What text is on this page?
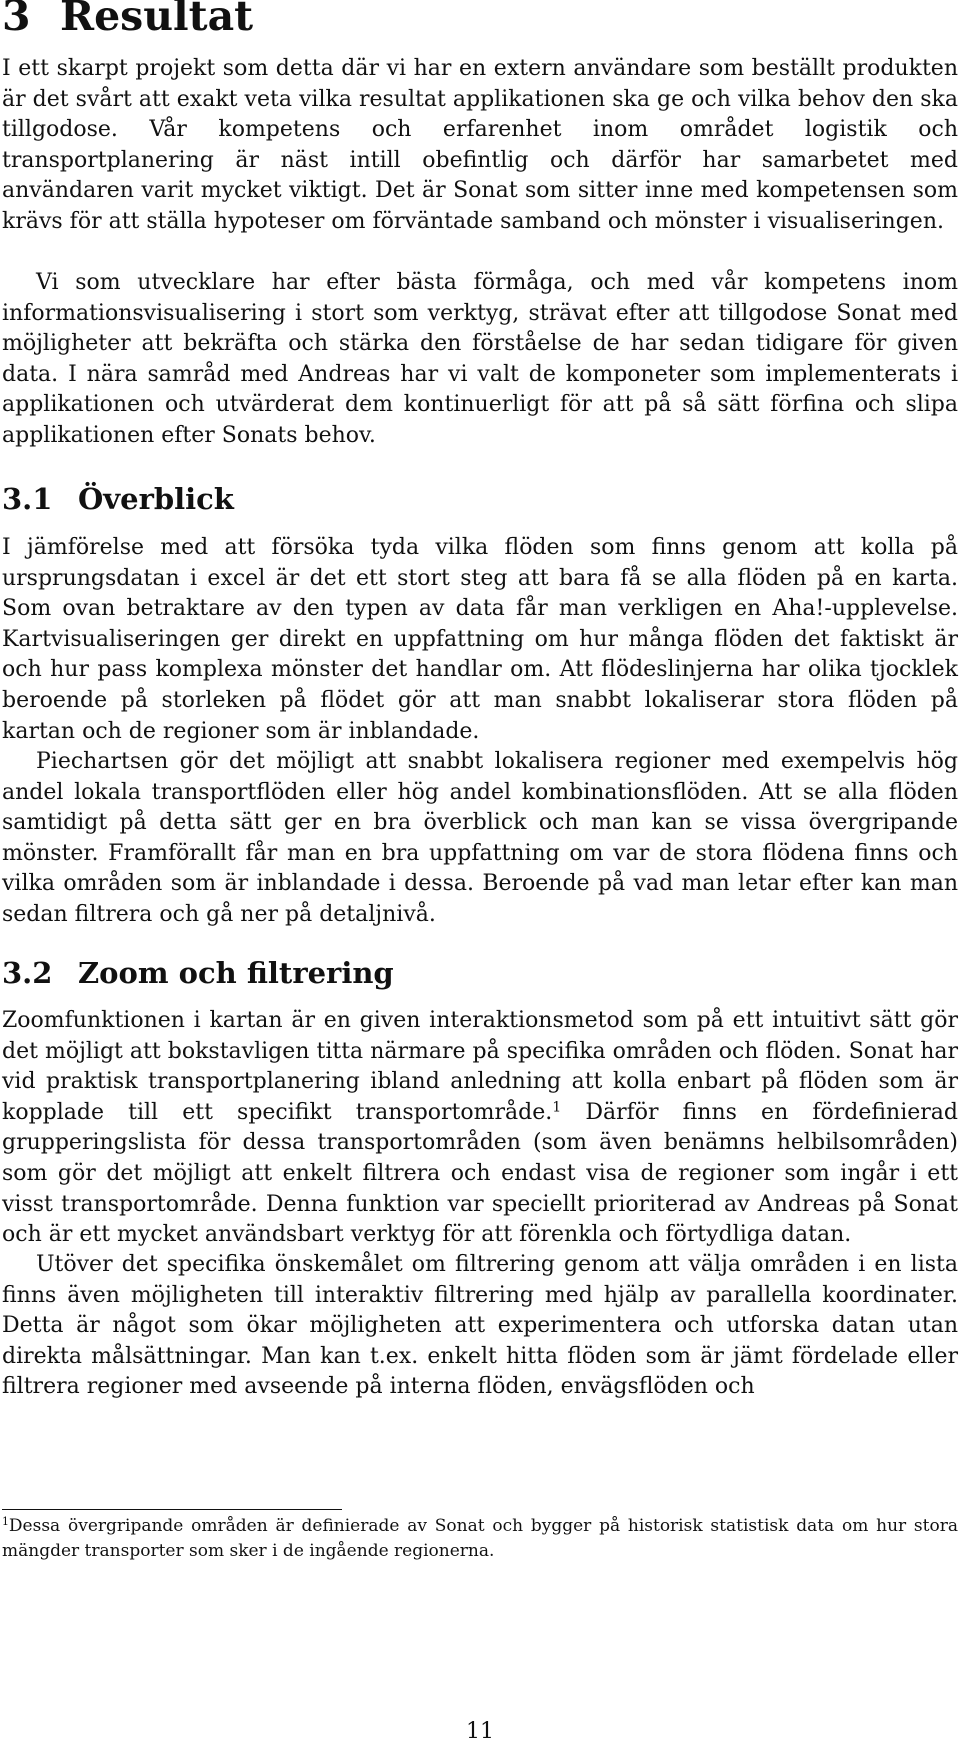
3 Resultat

I ett skarpt projekt som detta där vi har en extern användare som beställt produkten är det svårt att exakt veta vilka resultat applikationen ska ge och vilka behov den ska tillgodose. Vår kompetens och erfarenhet inom området logistik och transportplanering är näst intill obefintlig och därför har samarbetet med användaren varit mycket viktigt. Det är Sonat som sitter inne med kompetensen som krävs för att ställa hypoteser om förväntade samband och mönster i visualiseringen.

Vi som utvecklare har efter bästa förmåga, och med vår kompetens inom informationsvisualisering i stort som verktyg, strävat efter att tillgodose Sonat med möjligheter att bekräfta och stärka den förståelse de har sedan tidigare för given data. I nära samråd med Andreas har vi valt de komponeter som implementerats i applikationen och utvärderat dem kontinuerligt för att på så sätt förfina och slipa applikationen efter Sonats behov.

3.1 Överblick

I jämförelse med att försöka tyda vilka flöden som finns genom att kolla på ursprungsdatan i excel är det ett stort steg att bara få se alla flöden på en karta. Som ovan betraktare av den typen av data får man verkligen en Aha!-upplevelse. Kartvisualiseringen ger direkt en uppfattning om hur många flöden det faktiskt är och hur pass komplexa mönster det handlar om. Att flödeslinjerna har olika tjocklek beroende på storleken på flödet gör att man snabbt lokaliserar stora flöden på kartan och de regioner som är inblandade.

Piechartsen gör det möjligt att snabbt lokalisera regioner med exempelvis hög andel lokala transportflöden eller hög andel kombinationsflöden. Att se alla flöden samtidigt på detta sätt ger en bra överblick och man kan se vissa övergripande mönster. Framförallt får man en bra uppfattning om var de stora flödena finns och vilka områden som är inblandade i dessa. Beroende på vad man letar efter kan man sedan filtrera och gå ner på detaljnivå.

3.2 Zoom och filtrering

Zoomfunktionen i kartan är en given interaktionsmetod som på ett intuitivt sätt gör det möjligt att bokstavligen titta närmare på specifika områden och flöden. Sonat har vid praktisk transportplanering ibland anledning att kolla enbart på flöden som är kopplade till ett specifikt transportområde.$^1$ Därför finns en fördefinierad grupperingslista för dessa transportområden (som även benämns helbilsområden) som gör det möjligt att enkelt filtrera och endast visa de regioner som ingår i ett visst transportområde. Denna funktion var speciellt prioriterad av Andreas på Sonat och är ett mycket användsbart verktyg för att förenkla och förtydliga datan.

Utöver det specifika önskemålet om filtrering genom att välja områden i en lista finns även möjligheten till interaktiv filtrering med hjälp av parallella koordinater. Detta är något som ökar möjligheten att experimentera och utforska datan utan direkta målsättningar. Man kan t.ex. enkelt hitta flöden som är jämt fördelade eller filtrera regioner med avseende på interna flöden, envägsflöden och

$^1$Dessa övergripande områden är definierade av Sonat och bygger på historisk statistisk data om hur stora mängder transporter som sker i de ingående regionerna.

11
